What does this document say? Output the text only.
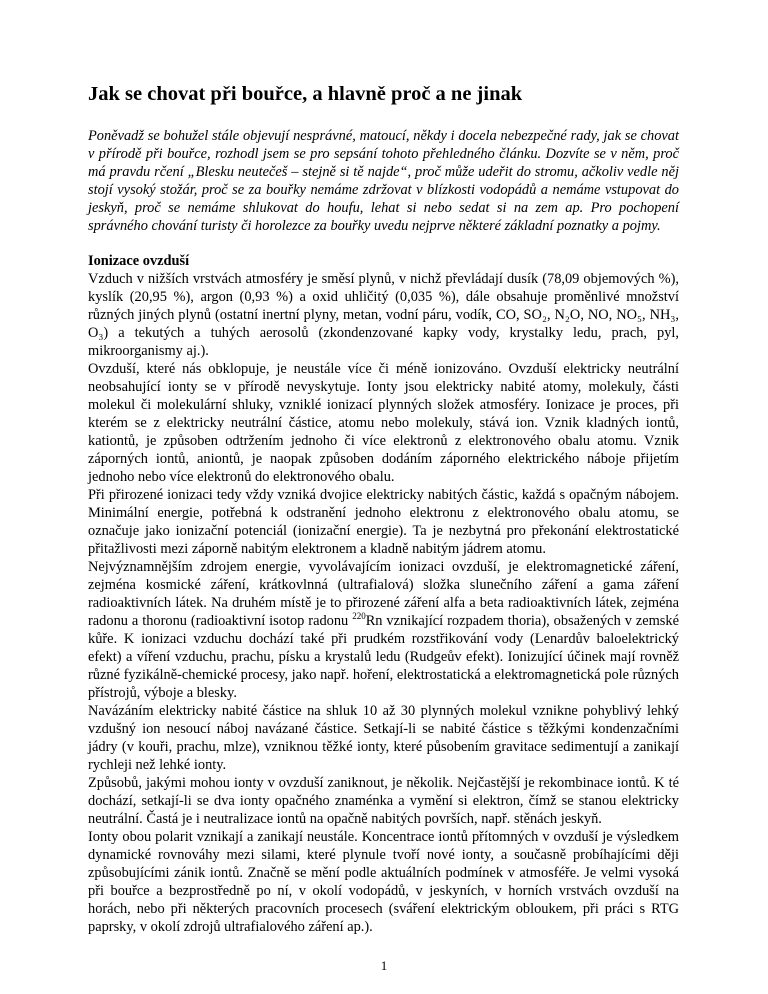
Jak se chovat při bouřce, a hlavně proč a ne jinak

Poněvadž se bohužel stále objevují nesprávné, matoucí, někdy i docela nebezpečné rady, jak se chovat v přírodě při bouřce, rozhodl jsem se pro sepsání tohoto přehledného článku. Dozvíte se v něm, proč má pravdu rčení „Blesku neutečeš – stejně si tě najde“, proč může udeřit do stromu, ačkoliv vedle něj stojí vysoký stožár, proč se za bouřky nemáme zdržovat v blízkosti vodopádů a nemáme vstupovat do jeskyň, proč se nemáme shlukovat do houfu, lehat si nebo sedat si na zem ap. Pro pochopení správného chování turisty či horolezce za bouřky uvedu nejprve některé základní poznatky a pojmy.

Ionizace ovzduší

Vzduch v nižších vrstvách atmosféry je směsí plynů, v nichž převládají dusík (78,09 objemových %), kyslík (20,95 %), argon (0,93 %) a oxid uhličitý (0,035 %), dále obsahuje proměnlivé množství různých jiných plynů (ostatní inertní plyny, metan, vodní páru, vodík, CO, SO₂, N₂O, NO, NO₅, NH₃, O₃) a tekutých a tuhých aerosolů (zkondenzované kapky vody, krystalky ledu, prach, pyl, mikroorganismy aj.).

Ovzduší, které nás obklopuje, je neustále více či méně ionizováno. Ovzduší elektricky neutrální neobsahující ionty se v přírodě nevyskytuje. Ionty jsou elektricky nabité atomy, molekuly, části molekul či molekulární shluky, vzniklé ionizací plynných složek atmosféry. Ionizace je proces, při kterém se z elektricky neutrální částice, atomu nebo molekuly, stává ion. Vznik kladných iontů, kationtů, je způsoben odtržením jednoho či více elektronů z elektronového obalu atomu. Vznik záporných iontů, aniontů, je naopak způsoben dodáním záporného elektrického náboje přijetím jednoho nebo více elektronů do elektronového obalu.

Při přirozené ionizaci tedy vždy vzniká dvojice elektricky nabitých částic, každá s opačným nábojem. Minimální energie, potřebná k odstranění jednoho elektronu z elektronového obalu atomu, se označuje jako ionizační potenciál (ionizační energie). Ta je nezbytná pro překonání elektrostatické přitažlivosti mezi záporně nabitým elektronem a kladně nabitým jádrem atomu.

Nejvýznamnějším zdrojem energie, vyvolávajícím ionizaci ovzduší, je elektromagnetické záření, zejména kosmické záření, krátkovlnná (ultrafialová) složka slunečního záření a gama záření radioaktivních látek. Na druhém místě je to přirozené záření alfa a beta radioaktivních látek, zejména radonu a thoronu (radioaktivní isotop radonu $^{220}$Rn vznikající rozpadem thoria), obsažených v zemské kůře. K ionizaci vzduchu dochází také při prudkém rozstřikování vody (Lenardův baloelektrický efekt) a víření vzduchu, prachu, písku a krystalů ledu (Rudgeův efekt). Ionizující účinek mají rovněž různé fyzikálně-chemické procesy, jako např. hoření, elektrostatická a elektromagnetická pole různých přístrojů, výboje a blesky.

Navázáním elektricky nabité částice na shluk 10 až 30 plynných molekul vznikne pohyblivý lehký vzdušný ion nesoucí náboj navázané částice. Setkají-li se nabité částice s těžkými kondenzačními jádry (v kouři, prachu, mlze), vzniknou těžké ionty, které působením gravitace sedimentují a zanikají rychleji než lehké ionty.

Způsobů, jakými mohou ionty v ovzduší zaniknout, je několik. Nejčastější je rekombinace iontů. K té dochází, setkají-li se dva ionty opačného znaménka a vymění si elektron, čímž se stanou elektricky neutrální. Častá je i neutralizace iontů na opačně nabitých površích, např. stěnách jeskyň.

Ionty obou polarit vznikají a zanikají neustále. Koncentrace iontů přítomných v ovzduší je výsledkem dynamické rovnováhy mezi silami, které plynule tvoří nové ionty, a současně probíhajícími ději způsobujícími zánik iontů. Značně se mění podle aktuálních podmínek v atmosféře. Je velmi vysoká při bouřce a bezprostředně po ní, v okolí vodopádů, v jeskyních, v horních vrstvách ovzduší na horách, nebo při některých pracovních procesech (sváření elektrickým obloukem, při práci s RTG paprsky, v okolí zdrojů ultrafialového záření ap.).

1
